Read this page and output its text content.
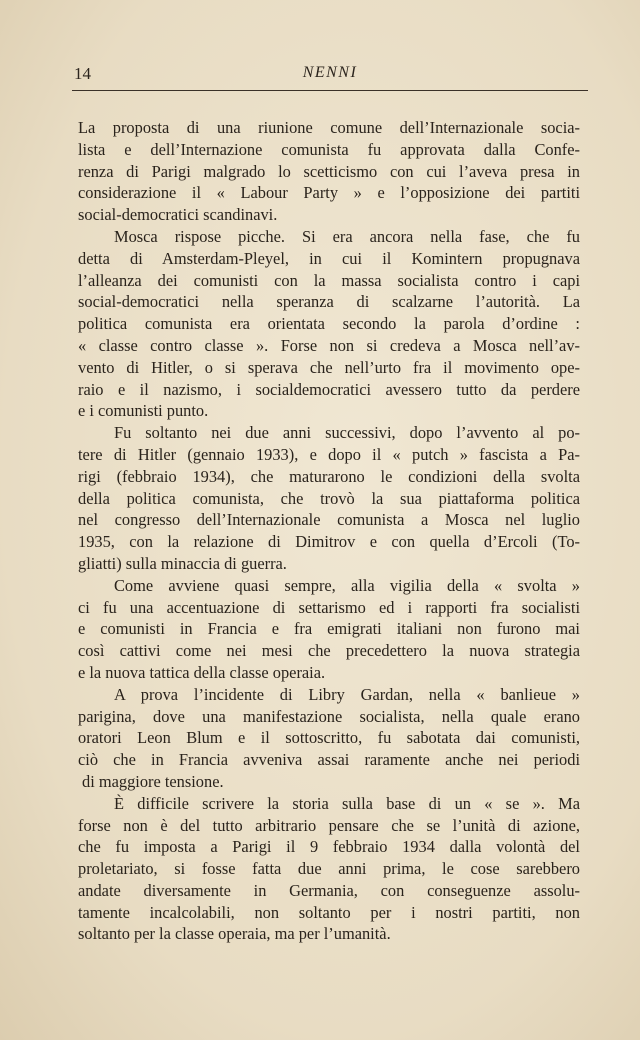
14	NENNI
La proposta di una riunione comune dell’Internazionale socia-
lista e dell’Internazione comunista fu approvata dalla Confe-
renza di Parigi malgrado lo scetticismo con cui l’aveva presa in
considerazione il « Labour Party » e l’opposizione dei partiti
social-democratici scandinavi.
Mosca rispose picche. Si era ancora nella fase, che fu
detta di Amsterdam-Pleyel, in cui il Komintern propugnava
l’alleanza dei comunisti con la massa socialista contro i capi
social-democratici nella speranza di scalzarne l’autorità. La
politica comunista era orientata secondo la parola d’ordine :
« classe contro classe ». Forse non si credeva a Mosca nell’av-
vento di Hitler, o si sperava che nell’urto fra il movimento ope-
raio e il nazismo, i socialdemocratici avessero tutto da perdere
e i comunisti punto.
Fu soltanto nei due anni successivi, dopo l’avvento al po-
tere di Hitler (gennaio 1933), e dopo il « putch » fascista a Pa-
rigi (febbraio 1934), che maturarono le condizioni della svolta
della politica comunista, che trovò la sua piattaforma politica
nel congresso dell’Internazionale comunista a Mosca nel luglio
1935, con la relazione di Dimitrov e con quella d’Ercoli (To-
gliatti) sulla minaccia di guerra.
Come avviene quasi sempre, alla vigilia della « svolta »
ci fu una accentuazione di settarismo ed i rapporti fra socialisti
e comunisti in Francia e fra emigrati italiani non furono mai
così cattivi come nei mesi che precedettero la nuova strategia
e la nuova tattica della classe operaia.
A prova l’incidente di Libry Gardan, nella « banlieue »
parigina, dove una manifestazione socialista, nella quale erano
oratori Leon Blum e il sottoscritto, fu sabotata dai comunisti,
ciò che in Francia avveniva assai raramente anche nei periodi
di maggiore tensione.
È difficile scrivere la storia sulla base di un « se ». Ma
forse non è del tutto arbitrario pensare che se l’unità di azione,
che fu imposta a Parigi il 9 febbraio 1934 dalla volontà del
proletariato, si fosse fatta due anni prima, le cose sarebbero
andate diversamente in Germania, con conseguenze assolu-
tamente incalcolabili, non soltanto per i nostri partiti, non
soltanto per la classe operaia, ma per l’umanità.
